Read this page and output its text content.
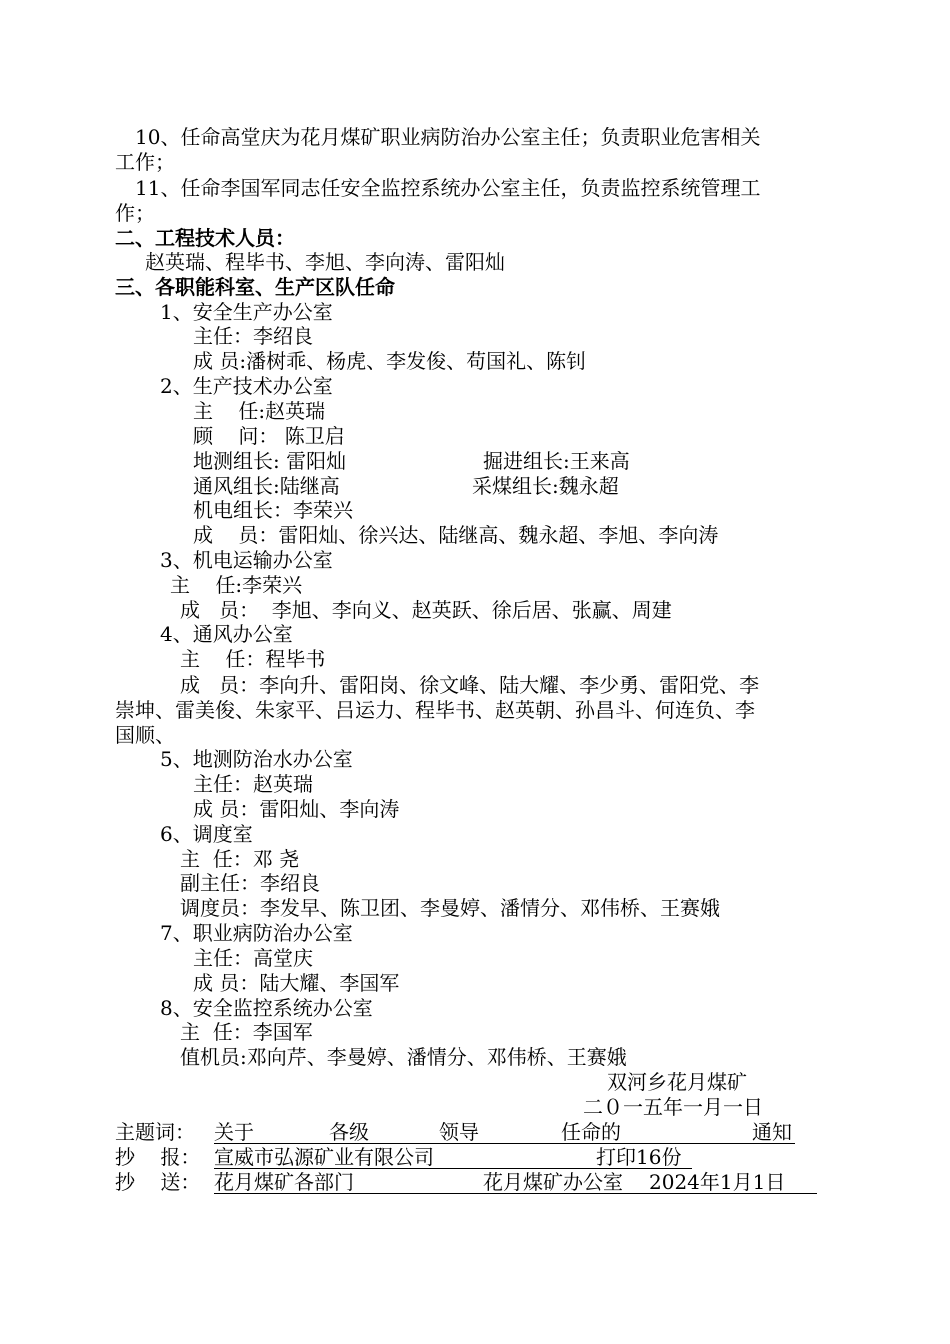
10、任命高堂庆为花月煤矿职业病防治办公室主任；负责职业危害相关
工作；
11、任命李国军同志任安全监控系统办公室主任，负责监控系统管理工
作；
二、工程技术人员：
赵英瑞、程毕书、李旭、李向涛、雷阳灿
三、各职能科室、生产区队任命
1、安全生产办公室
主任：李绍良
成 员:潘树乖、杨虎、李发俊、苟国礼、陈钊
2、生产技术办公室
主    任:赵英瑞
顾    问： 陈卫启
地测组长: 雷阳灿	掘进组长:王来高
通风组长:陆继高	采煤组长:魏永超
机电组长：李荣兴
成    员：雷阳灿、徐兴达、陆继高、魏永超、李旭、李向涛
3、机电运输办公室
主    任:李荣兴
成   员：  李旭、李向义、赵英跃、徐后居、张赢、周建
4、通风办公室
主    任：程毕书
成   员：李向升、雷阳岗、徐文峰、陆大耀、李少勇、雷阳党、李
崇坤、雷美俊、朱家平、吕运力、程毕书、赵英朝、孙昌斗、何连负、李
国顺、
5、地测防治水办公室
主任：赵英瑞
成 员：雷阳灿、李向涛
6、调度室
主  任：邓 尧
副主任：李绍良
调度员：李发早、陈卫团、李曼婷、潘情分、邓伟桥、王赛娥
7、职业病防治办公室
主任：高堂庆
成 员：陆大耀、李国军
8、安全监控系统办公室
主  任：李国军
值机员:邓向芹、李曼婷、潘情分、邓伟桥、王赛娥
双河乡花月煤矿
二０一五年一月一日
主题词： 关于	各级	领导	任命的	通知
抄    报： 宣威市弘源矿业有限公司	打印16份
抄    送： 花月煤矿各部门	花月煤矿办公室 2024年1月1日
